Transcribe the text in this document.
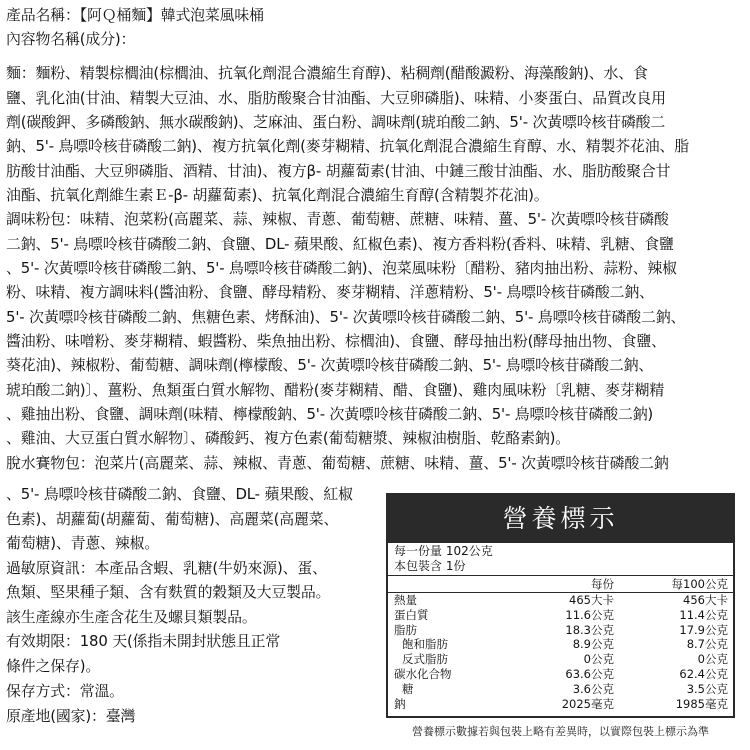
產品名稱：【阿Ｑ桶麵】韓式泡菜風味桶
內容物名稱(成分)：
麵：麵粉、精製棕櫚油(棕櫚油、抗氧化劑混合濃縮生育醇)、粘稠劑(醋酸澱粉、海藻酸鈉)、水、食
鹽、乳化油(甘油、精製大豆油、水、脂肪酸聚合甘油酯、大豆卵磷脂)、味精、小麥蛋白、品質改良用
劑(碳酸鉀、多磷酸鈉、無水碳酸鈉)、芝麻油、蛋白粉、調味劑(琥珀酸二鈉、5'- 次黃嘌呤核苷磷酸二
鈉、5'- 鳥嘌呤核苷磷酸二鈉)、複方抗氧化劑(麥芽糊精、抗氧化劑混合濃縮生育醇、水、精製芥花油、脂
肪酸甘油酯、大豆卵磷脂、酒精、甘油)、複方β- 胡蘿蔔素(甘油、中鏈三酸甘油酯、水、脂肪酸聚合甘
油酯、抗氧化劑維生素Ｅ-β- 胡蘿蔔素)、抗氧化劑混合濃縮生育醇(含精製芥花油)。
調味粉包：味精、泡菜粉(高麗菜、蒜、辣椒、青蔥、葡萄糖、蔗糖、味精、薑、5'- 次黃嘌呤核苷磷酸
二鈉、5'- 鳥嘌呤核苷磷酸二鈉、食鹽、DL- 蘋果酸、紅椒色素)、複方香料粉(香料、味精、乳糖、食鹽
、5'- 次黃嘌呤核苷磷酸二鈉、5'- 鳥嘌呤核苷磷酸二鈉)、泡菜風味粉〔醋粉、豬肉抽出粉、蒜粉、辣椒
粉、味精、複方調味料(醬油粉、食鹽、酵母精粉、麥芽糊精、洋蔥精粉、5'- 鳥嘌呤核苷磷酸二鈉、
5'- 次黃嘌呤核苷磷酸二鈉、焦糖色素、烤酥油)、5'- 次黃嘌呤核苷磷酸二鈉、5'- 鳥嘌呤核苷磷酸二鈉、
醬油粉、味噌粉、麥芽糊精、蝦醬粉、柴魚抽出粉、棕櫚油)、食鹽、酵母抽出粉(酵母抽出物、食鹽、
葵花油)、辣椒粉、葡萄糖、調味劑(檸檬酸、5'- 次黃嘌呤核苷磷酸二鈉、5'- 鳥嘌呤核苷磷酸二鈉、
琥珀酸二鈉)〕、薑粉、魚類蛋白質水解物、醋粉(麥芽糊精、醋、食鹽)、雞肉風味粉〔乳糖、麥芽糊精
、雞抽出粉、食鹽、調味劑(味精、檸檬酸鈉、5'- 次黃嘌呤核苷磷酸二鈉、5'- 鳥嘌呤核苷磷酸二鈉)
、雞油、大豆蛋白質水解物〕、磷酸鈣、複方色素(葡萄糖漿、辣椒油樹脂、乾酪素鈉)。
脫水賽物包：泡菜片(高麗菜、蒜、辣椒、青蔥、葡萄糖、蔗糖、味精、薑、5'- 次黃嘌呤核苷磷酸二鈉
、5'- 鳥嘌呤核苷磷酸二鈉、食鹽、DL- 蘋果酸、紅椒
色素)、胡蘿蔔(胡蘿蔔、葡萄糖)、高麗菜(高麗菜、
葡萄糖)、青蔥、辣椒。
過敏原資訊：本產品含蝦、乳糖(牛奶來源)、蛋、
魚類、堅果種子類、含有麩質的穀類及大豆製品。
該生產線亦生產含花生及螺貝類製品。
有效期限：180 天(係指未開封狀態且正常
條件之保存)。
保存方式：常溫。
原產地(國家)：臺灣
營養標示
每一份量 102公克
本包裝含 1份
每份	每100公克
熱量	465大卡	456大卡
蛋白質	11.6公克	11.4公克
脂肪	18.3公克	17.9公克
飽和脂肪	8.9公克	8.7公克
反式脂肪	0公克	0公克
碳水化合物	63.6公克	62.4公克
糖	3.6公克	3.5公克
鈉	2025毫克	1985毫克
營養標示數據若與包裝上略有差異時，以實際包裝上標示為準
